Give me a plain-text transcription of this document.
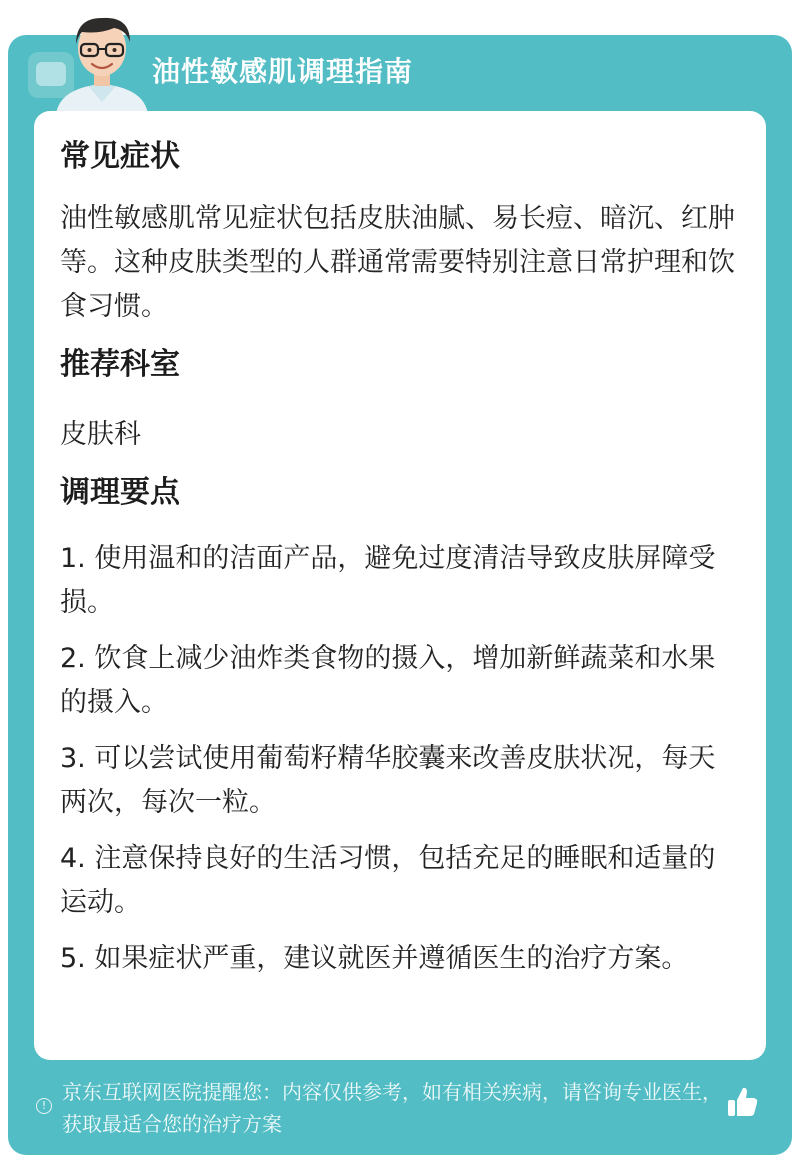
油性敏感肌调理指南
常见症状

油性敏感肌常见症状包括皮肤油腻、易长痘、暗沉、红肿等。这种皮肤类型的人群通常需要特别注意日常护理和饮食习惯。

推荐科室

皮肤科

调理要点
1. 使用温和的洁面产品，避免过度清洁导致皮肤屏障受损。
2. 饮食上减少油炸类食物的摄入，增加新鲜蔬菜和水果的摄入。
3. 可以尝试使用葡萄籽精华胶囊来改善皮肤状况，每天两次，每次一粒。
4. 注意保持良好的生活习惯，包括充足的睡眠和适量的运动。
5. 如果症状严重，建议就医并遵循医生的治疗方案。
!
京东互联网医院提醒您：内容仅供参考，如有相关疾病，请咨询专业医生，获取最适合您的治疗方案
